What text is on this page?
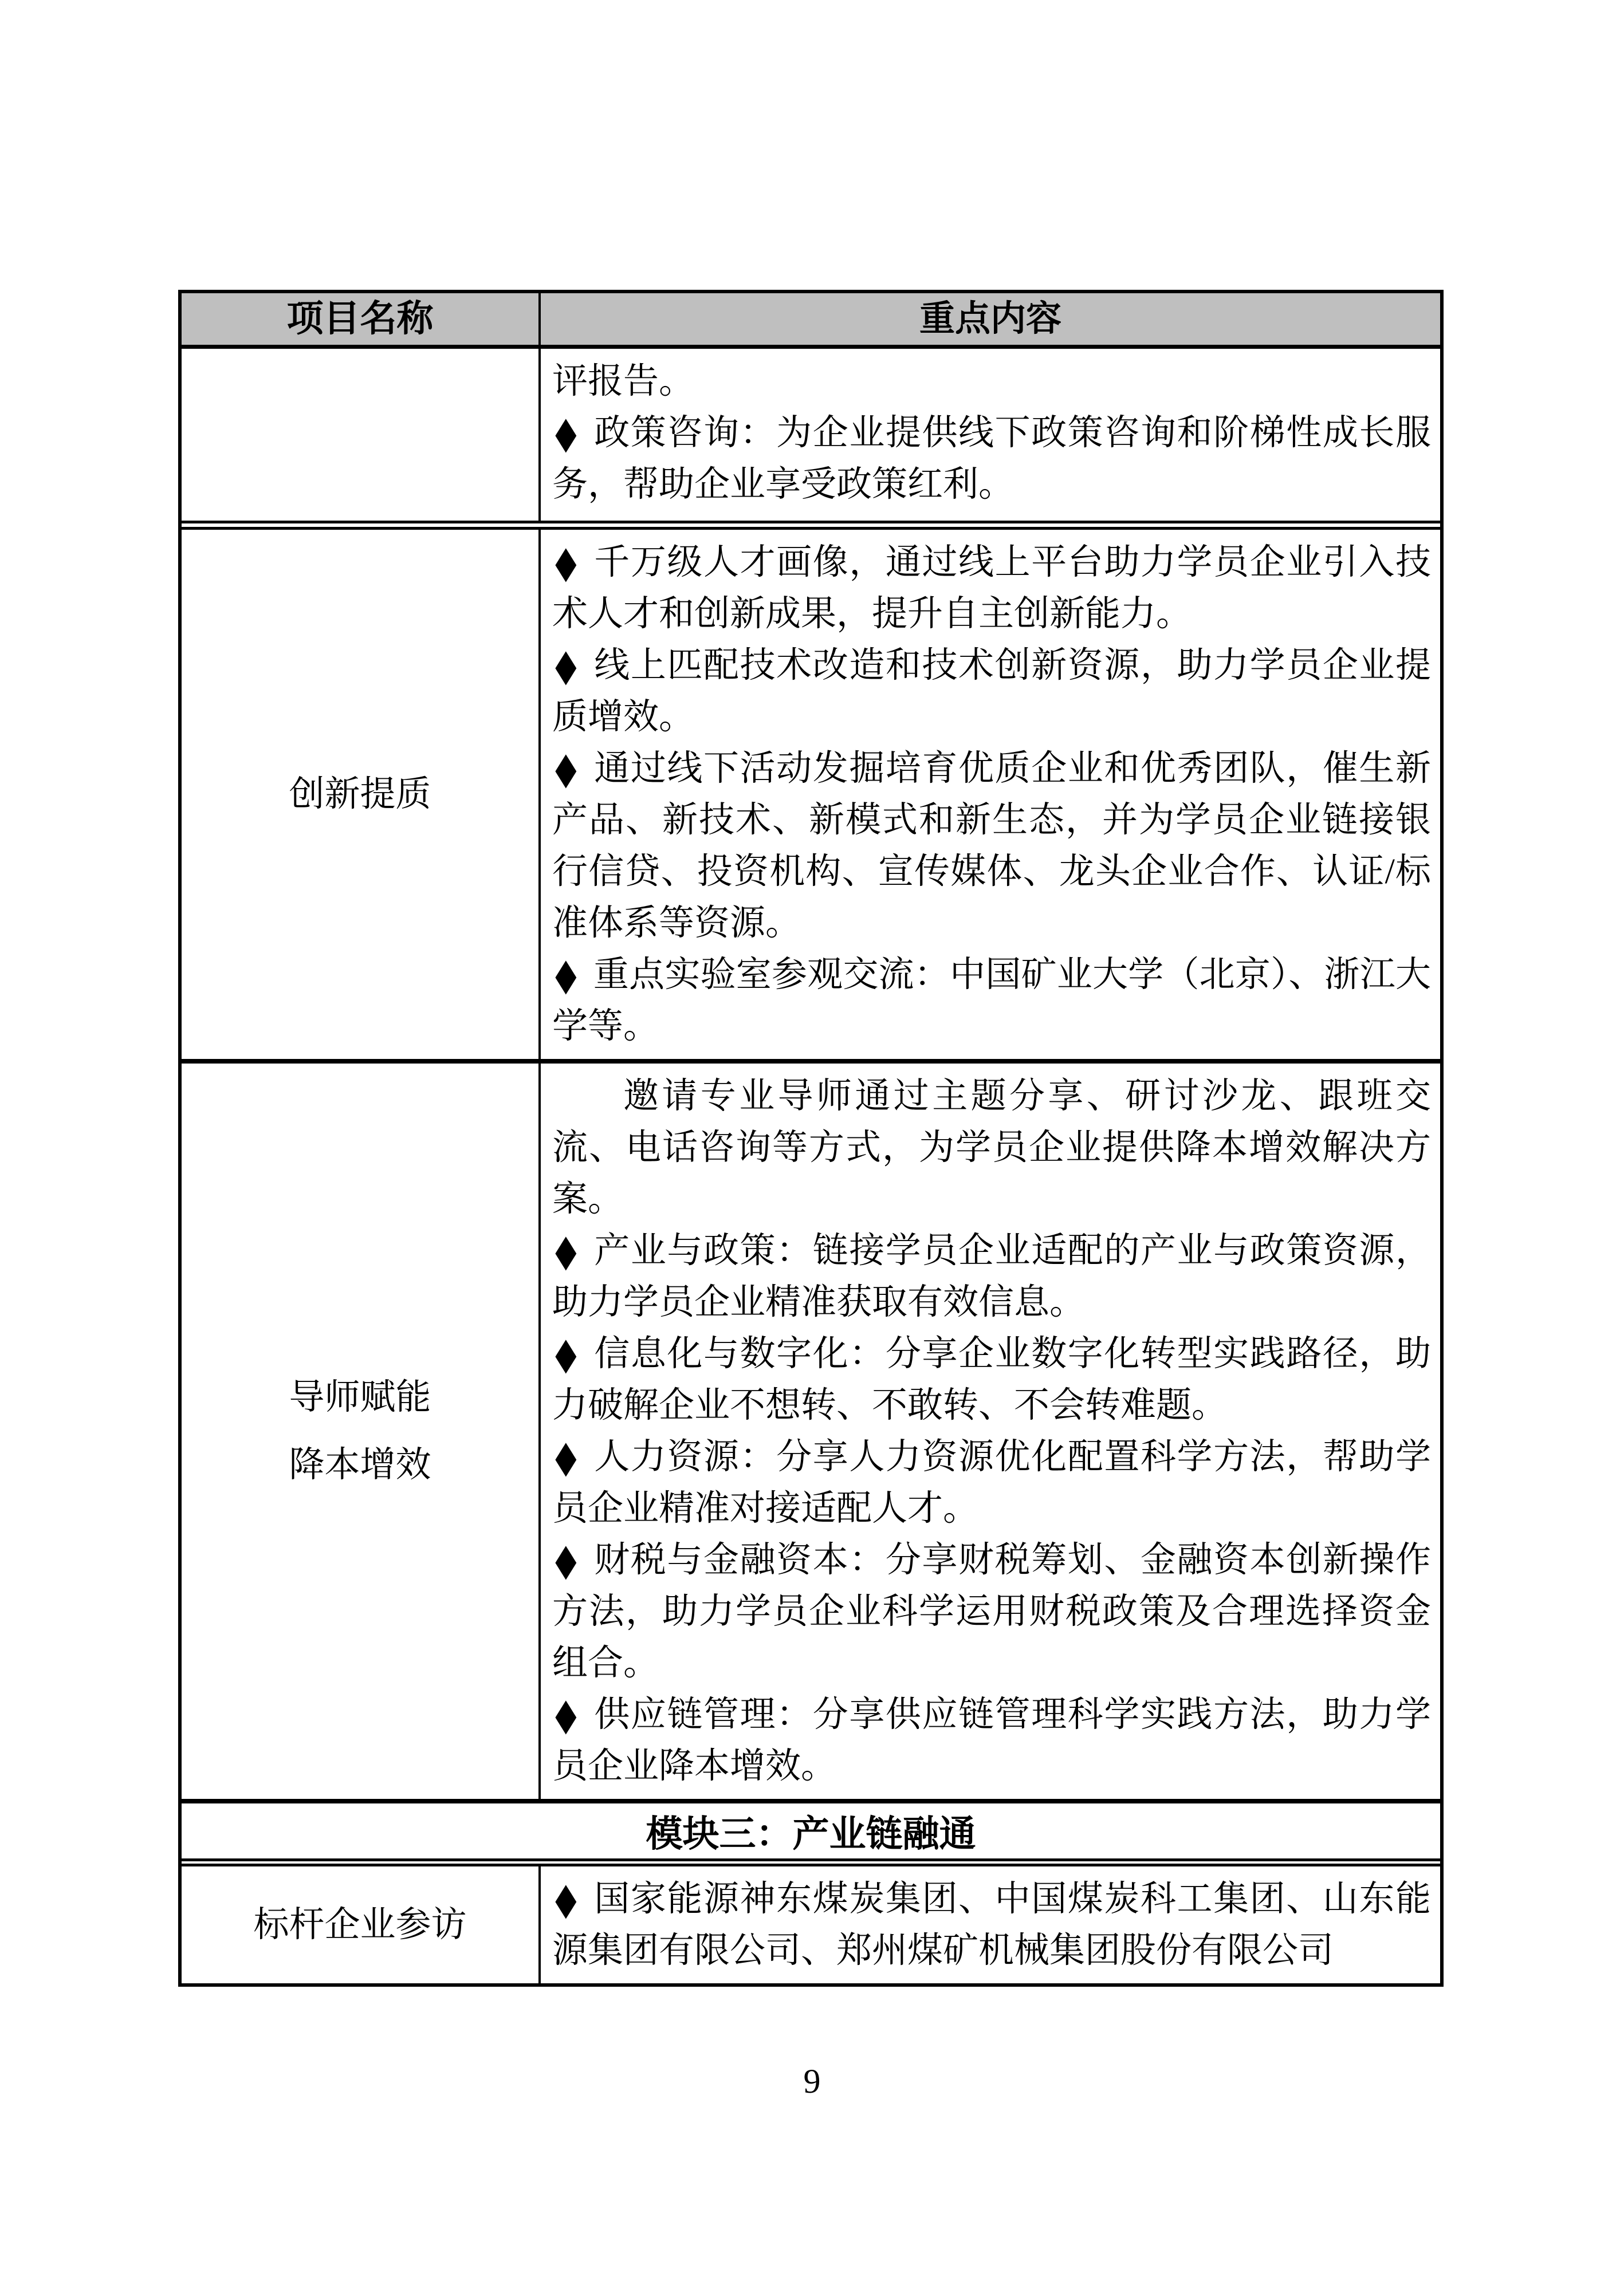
项目名称	重点内容

评报告。

◆ 政策咨询：为企业提供线下政策咨询和阶梯性成长服务，帮助企业享受政策红利。

创新提质

◆ 千万级人才画像，通过线上平台助力学员企业引入技术人才和创新成果，提升自主创新能力。

◆ 线上匹配技术改造和技术创新资源，助力学员企业提质增效。

◆ 通过线下活动发掘培育优质企业和优秀团队，催生新产品、新技术、新模式和新生态，并为学员企业链接银行信贷、投资机构、宣传媒体、龙头企业合作、认证/标准体系等资源。

◆ 重点实验室参观交流：中国矿业大学（北京）、浙江大学等。

导师赋能
降本增效

邀请专业导师通过主题分享、研讨沙龙、跟班交流、电话咨询等方式，为学员企业提供降本增效解决方案。

◆ 产业与政策：链接学员企业适配的产业与政策资源，助力学员企业精准获取有效信息。

◆ 信息化与数字化：分享企业数字化转型实践路径，助力破解企业不想转、不敢转、不会转难题。

◆ 人力资源：分享人力资源优化配置科学方法，帮助学员企业精准对接适配人才。

◆ 财税与金融资本：分享财税筹划、金融资本创新操作方法，助力学员企业科学运用财税政策及合理选择资金组合。

◆ 供应链管理：分享供应链管理科学实践方法，助力学员企业降本增效。

模块三：产业链融通
标杆企业参访

◆ 国家能源神东煤炭集团、中国煤炭科工集团、山东能源集团有限公司、郑州煤矿机械集团股份有限公司

9
